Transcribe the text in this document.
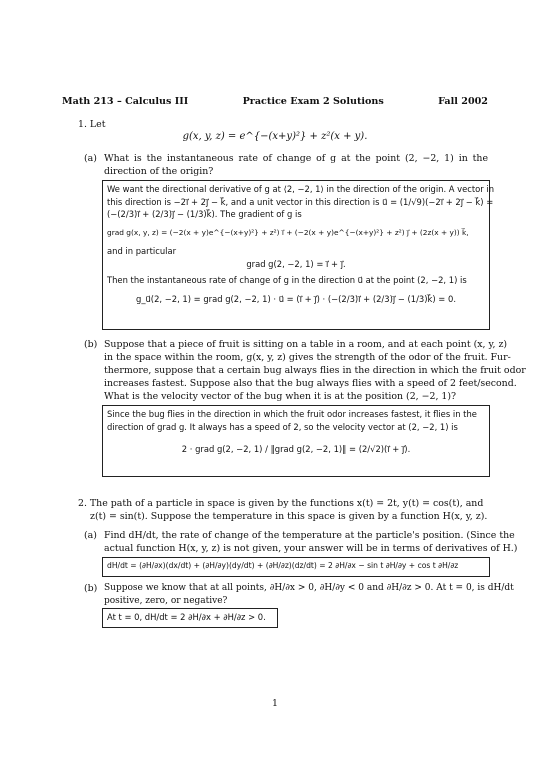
Math 213 – Calculus III	Practice Exam 2 Solutions	Fall 2002
1. Let
g(x, y, z) = e^{−(x+y)²} + z²(x + y).
(a) What is the instantaneous rate of change of g at the point (2, −2, 1) in the direction of the origin?
We want the directional derivative of g at ⟨2, −2, 1⟩ in the direction of the origin. A vector in
this direction is −2i⃗ + 2j⃗ − k⃗, and a unit vector in this direction is u⃗ = (1/√9)(−2i⃗ + 2j⃗ − k⃗) =
(−(2/3)i⃗ + (2/3)j⃗ − (1/3)k⃗). The gradient of g is
grad g(x, y, z) = (−2(x + y)e^{−(x+y)²} + z²) i⃗ + (−2(x + y)e^{−(x+y)²} + z²) j⃗ + (2z(x + y)) k⃗,
and in particular
grad g(2, −2, 1) = i⃗ + j⃗.
Then the instantaneous rate of change of g in the direction u⃗ at the point (2, −2, 1) is
g_u⃗(2, −2, 1) = grad g(2, −2, 1) · u⃗ = (i⃗ + j⃗) · (−(2/3)i⃗ + (2/3)j⃗ − (1/3)k⃗) = 0.
(b) Suppose that a piece of fruit is sitting on a table in a room, and at each point (x, y, z)
in the space within the room, g(x, y, z) gives the strength of the odor of the fruit. Fur-
thermore, suppose that a certain bug always flies in the direction in which the fruit odor
increases fastest. Suppose also that the bug always flies with a speed of 2 feet/second.
What is the velocity vector of the bug when it is at the position (2, −2, 1)?
Since the bug flies in the direction in which the fruit odor increases fastest, it flies in the
direction of grad g. It always has a speed of 2, so the velocity vector at (2, −2, 1) is
2 · grad g(2, −2, 1) / ‖grad g(2, −2, 1)‖ = (2/√2)(i⃗ + j⃗).
2. The path of a particle in space is given by the functions x(t) = 2t, y(t) = cos(t), and
z(t) = sin(t). Suppose the temperature in this space is given by a function H(x, y, z).
(a) Find dH/dt, the rate of change of the temperature at the particle's position. (Since the
actual function H(x, y, z) is not given, your answer will be in terms of derivatives of H.)
dH/dt = (∂H/∂x)(dx/dt) + (∂H/∂y)(dy/dt) + (∂H/∂z)(dz/dt) = 2 ∂H/∂x − sin t ∂H/∂y + cos t ∂H/∂z
(b) Suppose we know that at all points, ∂H/∂x > 0, ∂H/∂y < 0 and ∂H/∂z > 0. At t = 0, is dH/dt
positive, zero, or negative?
At t = 0, dH/dt = 2 ∂H/∂x + ∂H/∂z > 0.
1
